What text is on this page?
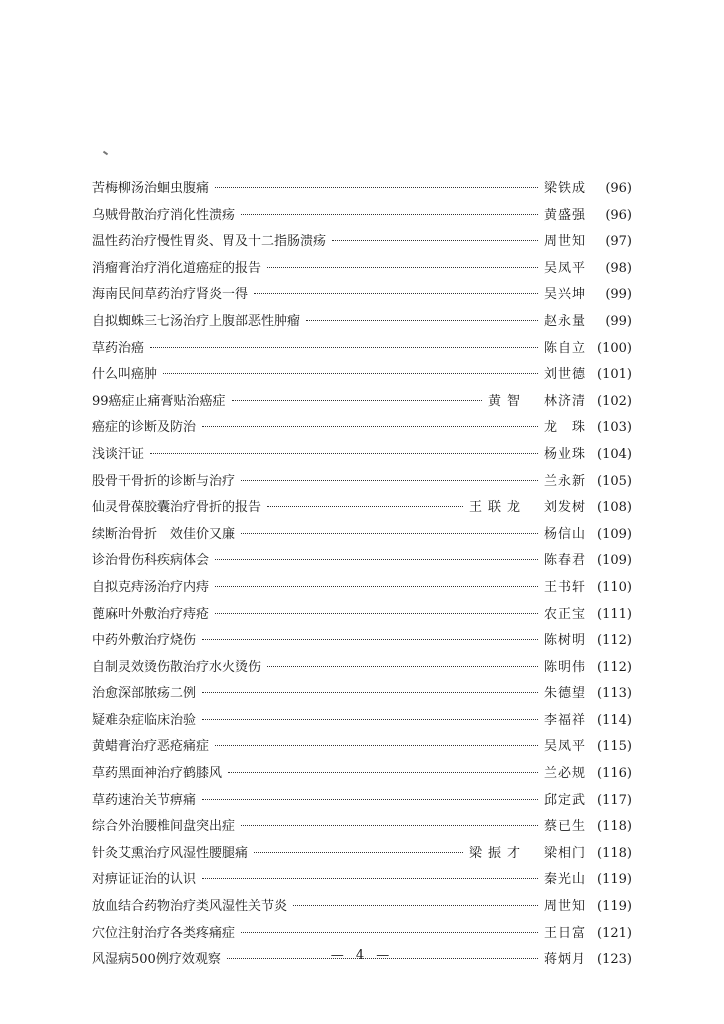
苦梅柳汤治蛔虫腹痛	梁铁成	(96)
乌贼骨散治疗消化性溃疡	黄盛强	(96)
温性药治疗慢性胃炎、胃及十二指肠溃疡	周世知	(97)
消瘤膏治疗消化道癌症的报告	吴凤平	(98)
海南民间草药治疗肾炎一得	吴兴坤	(99)
自拟蜘蛛三七汤治疗上腹部恶性肿瘤	赵永量	(99)
草药治癌	陈自立 (100)
什么叫癌肿	刘世德 (101)
99癌症止痛膏贴治癌症	黄智 林济清 (102)
癌症的诊断及防治	龙　珠 (103)
浅谈汗证	杨业珠 (104)
股骨干骨折的诊断与治疗	兰永新 (105)
仙灵骨葆胶囊治疗骨折的报告	王联龙 刘发树 (108)
续断治骨折　效佳价又廉	杨信山 (109)
诊治骨伤科疾病体会	陈春君 (109)
自拟克痔汤治疗内痔	王书轩 (110)
蓖麻叶外敷治疗痔疮	农正宝 (111)
中药外敷治疗烧伤	陈树明 (112)
自制灵效烫伤散治疗水火烫伤	陈明伟 (112)
治愈深部脓疡二例	朱德望 (113)
疑难杂症临床治验	李福祥 (114)
黄蜡膏治疗恶疮痛症	吴凤平 (115)
草药黑面神治疗鹤膝风	兰必规 (116)
草药速治关节痹痛	邱定武 (117)
综合外治腰椎间盘突出症	蔡已生 (118)
针灸艾熏治疗风湿性腰腿痛	梁振才 梁相门 (118)
对痹证证治的认识	秦光山 (119)
放血结合药物治疗类风湿性关节炎	周世知 (119)
穴位注射治疗各类疼痛症	王日富 (121)
风湿病500例疗效观察	蒋炳月 (123)
— 4 —
